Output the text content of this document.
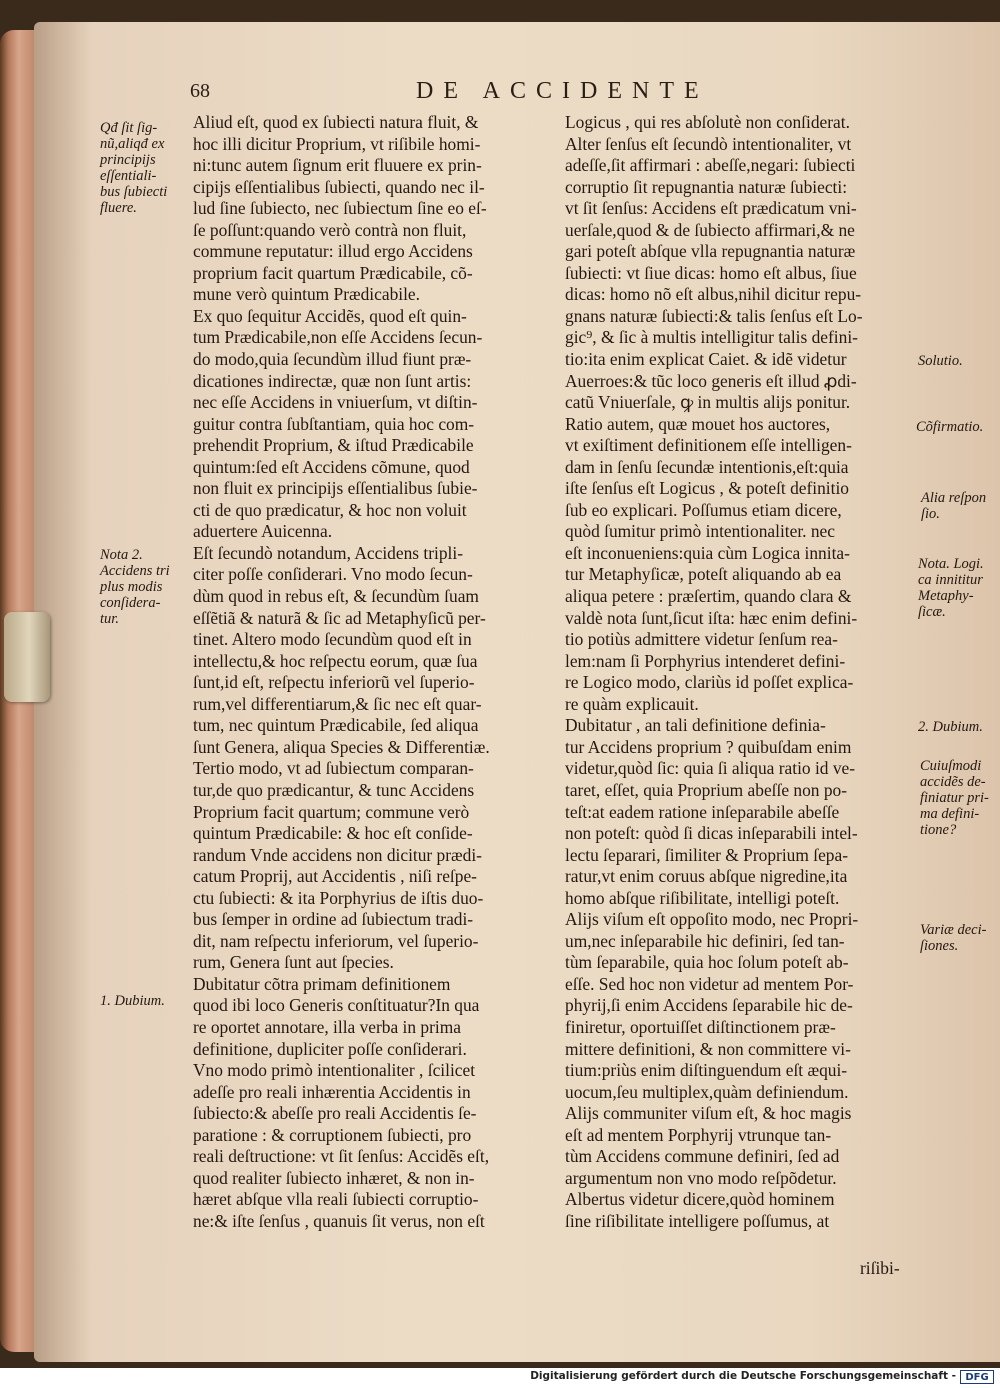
68	DE ACCIDENTE
Aliud eſt, quod ex ſubiecti natura fluit, &
hoc illi dicitur Proprium, vt riſibile homi-
ni:tunc autem ſignum erit fluuere ex prin-
cipijs eſſentialibus ſubiecti, quando nec il-
lud ſine ſubiecto, nec ſubiectum ſine eo eſ-
ſe poſſunt:quando verò contrà non fluit,
commune reputatur: illud ergo Accidens
proprium facit quartum Prædicabile, cõ-
mune verò quintum Prædicabile.
Ex quo ſequitur Accidẽs, quod eſt quin-
tum Prædicabile,non eſſe Accidens ſecun-
do modo,quia ſecundùm illud fiunt præ-
dicationes indirectæ, quæ non ſunt artis:
nec eſſe Accidens in vniuerſum, vt diſtin-
guitur contra ſubſtantiam, quia hoc com-
prehendit Proprium, & iſtud Prædicabile
quintum:ſed eſt Accidens cõmune, quod
non fluit ex principijs eſſentialibus ſubie-
cti de quo prædicatur, & hoc non voluit
aduertere Auicenna.
Eſt ſecundò notandum, Accidens tripli-
citer poſſe conſiderari. Vno modo ſecun-
dùm quod in rebus eſt, & ſecundùm ſuam
eſſẽtiã & naturã & ſic ad Metaphyſicũ per-
tinet. Altero modo ſecundùm quod eſt in
intellectu,& hoc reſpectu eorum, quæ ſua
ſunt,id eſt, reſpectu inferiorũ vel ſuperio-
rum,vel differentiarum,& ſic nec eſt quar-
tum, nec quintum Prædicabile, ſed aliqua
ſunt Genera, aliqua Species & Differentiæ.
Tertio modo, vt ad ſubiectum comparan-
tur,de quo prædicantur, & tunc Accidens
Proprium facit quartum; commune verò
quintum Prædicabile: & hoc eſt conſide-
randum Vnde accidens non dicitur prædi-
catum Proprij, aut Accidentis , niſi reſpe-
ctu ſubiecti: & ita Porphyrius de iſtis duo-
bus ſemper in ordine ad ſubiectum tradi-
dit, nam reſpectu inferiorum, vel ſuperio-
rum, Genera ſunt aut ſpecies.
Dubitatur cõtra primam definitionem
quod ibi loco Generis conſtituatur?In qua
re oportet annotare, illa verba in prima
definitione, dupliciter poſſe conſiderari.
Vno modo primò intentionaliter , ſcilicet
adeſſe pro reali inhærentia Accidentis in
ſubiecto:& abeſſe pro reali Accidentis ſe-
paratione : & corruptionem ſubiecti, pro
reali deſtructione: vt ſit ſenſus: Accidẽs eſt,
quod realiter ſubiecto inhæret, & non in-
hæret abſque vlla reali ſubiecti corruptio-
ne:& iſte ſenſus , quanuis ſit verus, non eſt
Logicus , qui res abſolutè non conſiderat.
Alter ſenſus eſt ſecundò intentionaliter, vt
adeſſe,ſit affirmari : abeſſe,negari: ſubiecti
corruptio ſit repugnantia naturæ ſubiecti:
vt ſit ſenſus: Accidens eſt prædicatum vni-
uerſale,quod & de ſubiecto affirmari,& ne
gari poteſt abſque vlla repugnantia naturæ
ſubiecti: vt ſiue dicas: homo eſt albus, ſiue
dicas: homo nõ eſt albus,nihil dicitur repu-
gnans naturæ ſubiecti:& talis ſenſus eſt Lo-
gic⁹, & ſic à multis intelligitur talis defini-
tio:ita enim explicat Caiet. & idẽ videtur
Auerroes:& tũc loco generis eſt illud ꝓdi-
catũ Vniuerſale, ꝙ in multis alijs ponitur.
Ratio autem, quæ mouet hos auctores,
vt exiſtiment definitionem eſſe intelligen-
dam in ſenſu ſecundæ intentionis,eſt:quia
iſte ſenſus eſt Logicus , & poteſt definitio
ſub eo explicari. Poſſumus etiam dicere,
quòd ſumitur primò intentionaliter. nec
eſt inconueniens:quia cùm Logica innita-
tur Metaphyſicæ, poteſt aliquando ab ea
aliqua petere : præſertim, quando clara &
valdè nota ſunt,ſicut iſta: hæc enim defini-
tio potiùs admittere videtur ſenſum rea-
lem:nam ſi Porphyrius intenderet defini-
re Logico modo, clariùs id poſſet explica-
re quàm explicauit.
Dubitatur , an tali definitione definia-
tur Accidens proprium ? quibuſdam enim
videtur,quòd ſic: quia ſi aliqua ratio id ve-
taret, eſſet, quia Proprium abeſſe non po-
teſt:at eadem ratione inſeparabile abeſſe
non poteſt: quòd ſi dicas inſeparabili intel-
lectu ſeparari, ſimiliter & Proprium ſepa-
ratur,vt enim coruus abſque nigredine,ita
homo abſque riſibilitate, intelligi poteſt.
Alijs viſum eſt oppoſito modo, nec Propri-
um,nec inſeparabile hic definiri, ſed tan-
tùm ſeparabile, quia hoc ſolum poteſt ab-
eſſe. Sed hoc non videtur ad mentem Por-
phyrij,ſi enim Accidens ſeparabile hic de-
finiretur, oportuiſſet diſtinctionem præ-
mittere definitioni, & non committere vi-
tium:priùs enim diſtinguendum eſt æqui-
uocum,ſeu multiplex,quàm definiendum.
Alijs communiter viſum eſt, & hoc magis
eſt ad mentem Porphyrij vtrunque tan-
tùm Accidens commune definiri, ſed ad
argumentum non vno modo reſpõdetur.
Albertus videtur dicere,quòd hominem
ſine riſibilitate intelligere poſſumus, at
Qđ ſit ſig-
nũ,aliqđ ex
principijs
eſſentiali-
bus ſubiecti
fluere.
Nota 2.
Accidens tri
plus modis
conſidera-
tur.
1. Dubium.
Solutio.
Cõfirmatio.
Alia reſpon
ſio.
Nota. Logi.
ca innititur
Metaphy-
ſicæ.
2. Dubium.
Cuiuſmodi
accidẽs de-
finiatur pri-
ma defini-
tione?
Variæ deci-
ſiones.
riſibi-
Digitalisierung gefördert durch die Deutsche Forschungsgemeinschaft - DFG
